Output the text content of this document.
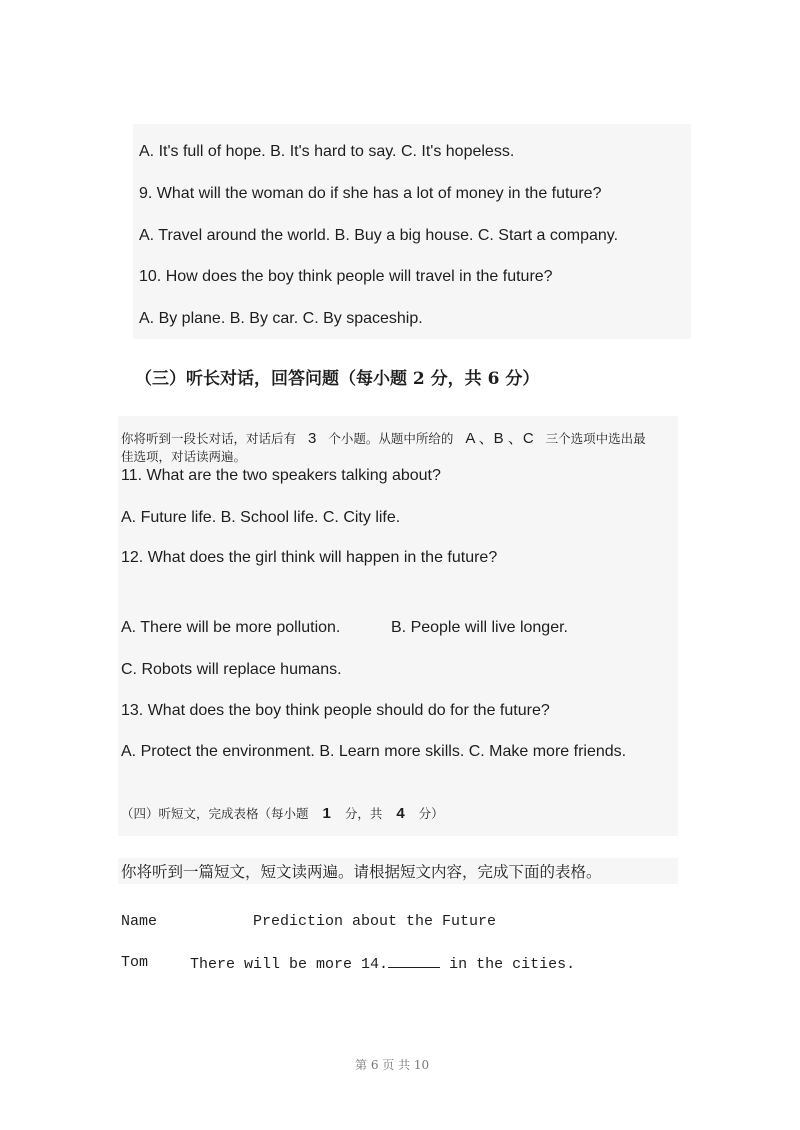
A. It's full of hope. B. It's hard to say. C. It's hopeless.
9. What will the woman do if she has a lot of money in the future?
A. Travel around the world. B. Buy a big house. C. Start a company.
10. How does the boy think people will travel in the future?
A. By plane. B. By car. C. By spaceship.
（三）听长对话，回答问题（每小题 2 分，共 6 分）
你将听到一段长对话，对话后有 3 个小题。从题中所给的 A 、B 、C 三个选项中选出最
佳选项，对话读两遍。
11. What are the two speakers talking about?
A. Future life. B. School life. C. City life.
12. What does the girl think will happen in the future?
A. There will be more pollution.	B. People will live longer.
C. Robots will replace humans.
13. What does the boy think people should do for the future?
A. Protect the environment. B. Learn more skills. C. Make more friends.
（四）听短文，完成表格（每小题 1 分，共 4 分）
你将听到一篇短文，短文读两遍。请根据短文内容，完成下面的表格。
Name	Prediction about the Future
Tom	There will be more 14.	in the cities.
第 6 页 共 10
